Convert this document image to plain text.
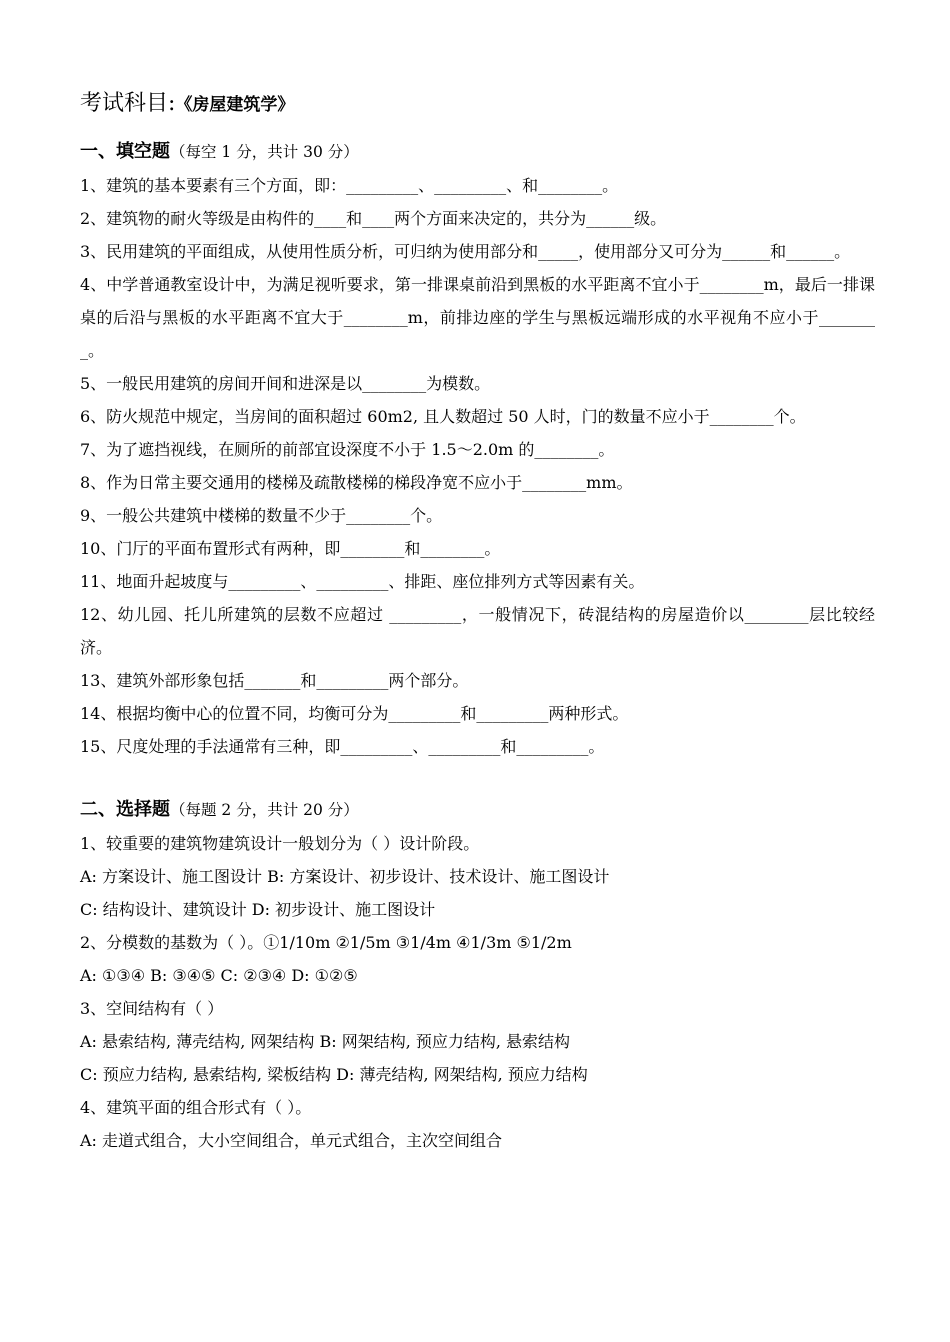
考试科目:《房屋建筑学》
一、填空题（每空 1 分，共计 30 分）
1、建筑的基本要素有三个方面，即：_________、_________、和________。
2、建筑物的耐火等级是由构件的____和____两个方面来决定的，共分为______级。
3、民用建筑的平面组成，从使用性质分析，可归纳为使用部分和_____，使用部分又可分为______和______。
4、中学普通教室设计中，为满足视听要求，第一排课桌前沿到黑板的水平距离不宜小于________m，最后一排课桌的后沿与黑板的水平距离不宜大于________m，前排边座的学生与黑板远端形成的水平视角不应小于________。
5、一般民用建筑的房间开间和进深是以________为模数。
6、防火规范中规定，当房间的面积超过 60m2, 且人数超过 50 人时，门的数量不应小于________个。
7、为了遮挡视线，在厕所的前部宜设深度不小于 1.5～2.0m 的________。
8、作为日常主要交通用的楼梯及疏散楼梯的梯段净宽不应小于________mm。
9、一般公共建筑中楼梯的数量不少于________个。
10、门厅的平面布置形式有两种，即________和________。
11、地面升起坡度与_________、_________、排距、座位排列方式等因素有关。
12、幼儿园、托儿所建筑的层数不应超过 _________，一般情况下，砖混结构的房屋造价以________层比较经济。
13、建筑外部形象包括_______和_________两个部分。
14、根据均衡中心的位置不同，均衡可分为_________和_________两种形式。
15、尺度处理的手法通常有三种，即_________、_________和_________。
二、选择题（每题 2 分，共计 20 分）
1、较重要的建筑物建筑设计一般划分为（ ）设计阶段。
A: 方案设计、施工图设计 B: 方案设计、初步设计、技术设计、施工图设计
C: 结构设计、建筑设计 D: 初步设计、施工图设计
2、分模数的基数为（ ）。①1/10m ②1/5m ③1/4m ④1/3m ⑤1/2m
A: ①③④ B: ③④⑤ C: ②③④ D: ①②⑤
3、空间结构有（ ）
A: 悬索结构, 薄壳结构, 网架结构 B: 网架结构, 预应力结构, 悬索结构
C: 预应力结构, 悬索结构, 梁板结构 D: 薄壳结构, 网架结构, 预应力结构
4、建筑平面的组合形式有（ ）。
A: 走道式组合，大小空间组合，单元式组合，主次空间组合
